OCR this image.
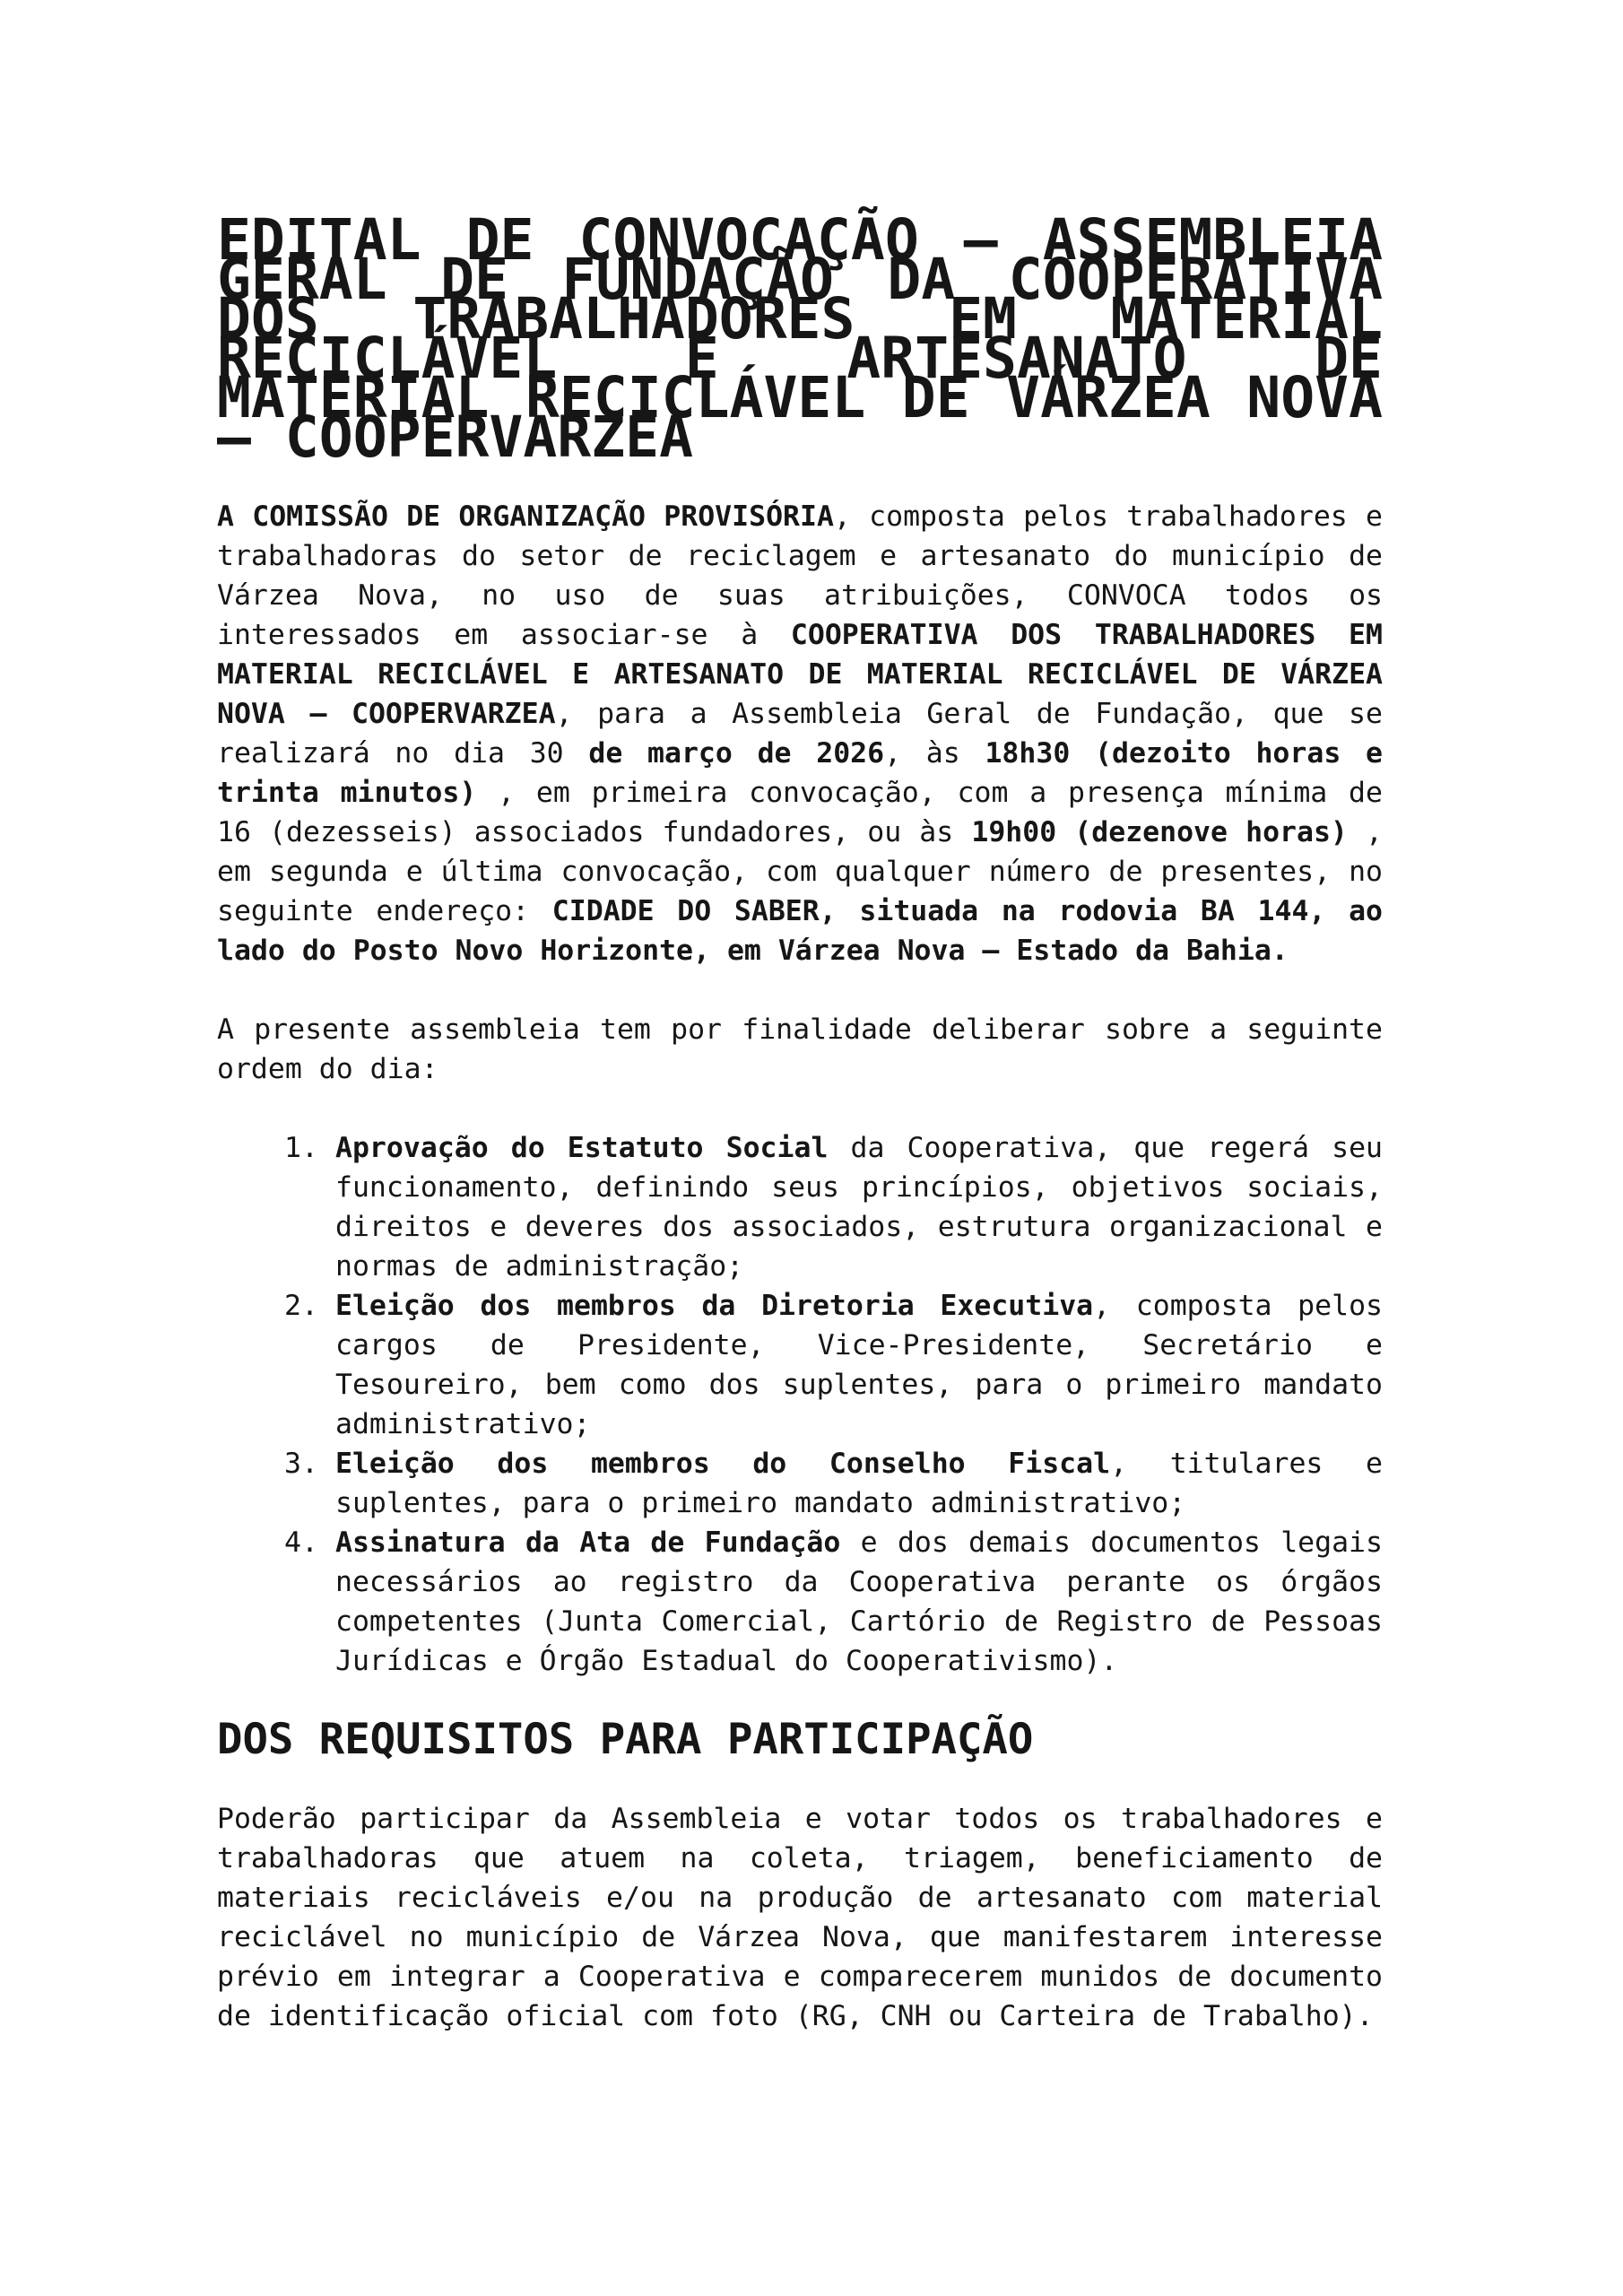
EDITAL DE CONVOCAÇÃO – ASSEMBLEIA GERAL DE FUNDAÇÃO DA COOPERATIVA DOS TRABALHADORES EM MATERIAL RECICLÁVEL E ARTESANATO DE MATERIAL RECICLÁVEL DE VÁRZEA NOVA – COOPERVARZEA

A COMISSÃO DE ORGANIZAÇÃO PROVISÓRIA, composta pelos trabalhadores e trabalhadoras do setor de reciclagem e artesanato do município de Várzea Nova, no uso de suas atribuições, CONVOCA todos os interessados em associar-se à COOPERATIVA DOS TRABALHADORES EM MATERIAL RECICLÁVEL E ARTESANATO DE MATERIAL RECICLÁVEL DE VÁRZEA NOVA – COOPERVARZEA, para a Assembleia Geral de Fundação, que se realizará no dia 30 de março de 2026, às 18h30 (dezoito horas e trinta minutos) , em primeira convocação, com a presença mínima de 16 (dezesseis) associados fundadores, ou às 19h00 (dezenove horas) , em segunda e última convocação, com qualquer número de presentes, no seguinte endereço: CIDADE DO SABER, situada na rodovia BA 144, ao lado do Posto Novo Horizonte, em Várzea Nova – Estado da Bahia.

A presente assembleia tem por finalidade deliberar sobre a seguinte ordem do dia:

1. Aprovação do Estatuto Social da Cooperativa, que regerá seu funcionamento, definindo seus princípios, objetivos sociais, direitos e deveres dos associados, estrutura organizacional e normas de administração;
2. Eleição dos membros da Diretoria Executiva, composta pelos cargos de Presidente, Vice-Presidente, Secretário e Tesoureiro, bem como dos suplentes, para o primeiro mandato administrativo;
3. Eleição dos membros do Conselho Fiscal, titulares e suplentes, para o primeiro mandato administrativo;
4. Assinatura da Ata de Fundação e dos demais documentos legais necessários ao registro da Cooperativa perante os órgãos competentes (Junta Comercial, Cartório de Registro de Pessoas Jurídicas e Órgão Estadual do Cooperativismo).
DOS REQUISITOS PARA PARTICIPAÇÃO

Poderão participar da Assembleia e votar todos os trabalhadores e trabalhadoras que atuem na coleta, triagem, beneficiamento de materiais recicláveis e/ou na produção de artesanato com material reciclável no município de Várzea Nova, que manifestarem interesse prévio em integrar a Cooperativa e comparecerem munidos de documento de identificação oficial com foto (RG, CNH ou Carteira de Trabalho).
